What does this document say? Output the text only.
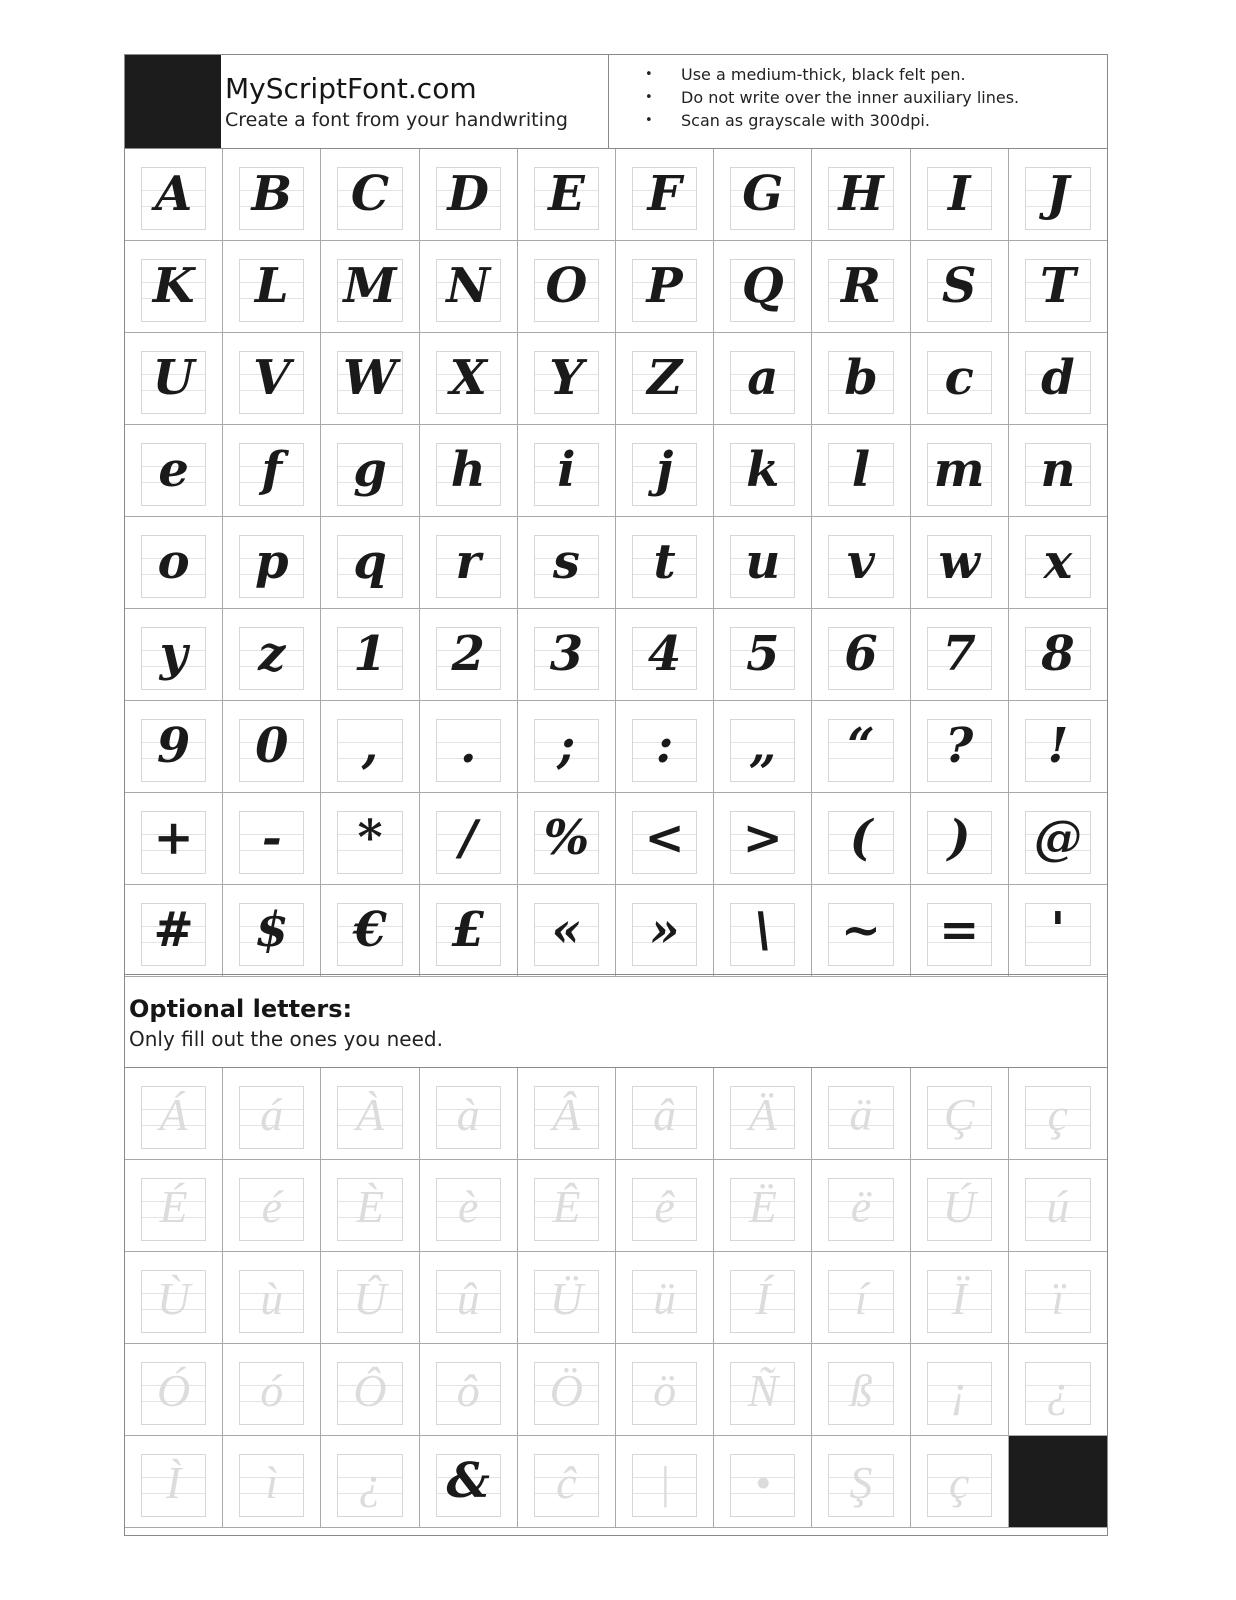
MyScriptFont.com
Create a font from your handwriting
• Use a medium-thick, black felt pen.
• Do not write over the inner auxiliary lines.
• Scan as grayscale with 300dpi.
A	B	C	D	E	F	G	H	I	J
K	L	M	N	O	P	Q	R	S	T
U	V	W	X	Y	Z	a	b	c	d
e	f	g	h	i	j	k	l	m	n
o	p	q	r	s	t	u	v	w	x
y	z	1	2	3	4	5	6	7	8
9	0	,	.	;	:	„	“	?	!
+	-	*	/	%	<	>	(	)	@
#	$	€	£	«	»	\	~	=	'
Optional letters:
Only fill out the ones you need.
Á	á	À	à	Â	â	Ä	ä	Ç	ç
É	é	È	è	Ê	ê	Ë	ë	Ú	ú
Ù	ù	Û	û	Ü	ü	Í	í	Ï	ï
Ó	ó	Ô	ô	Ö	ö	Ñ	ß	¡	¿
Ì	ì	¿	&	ĉ	|	•	Ş	ç
